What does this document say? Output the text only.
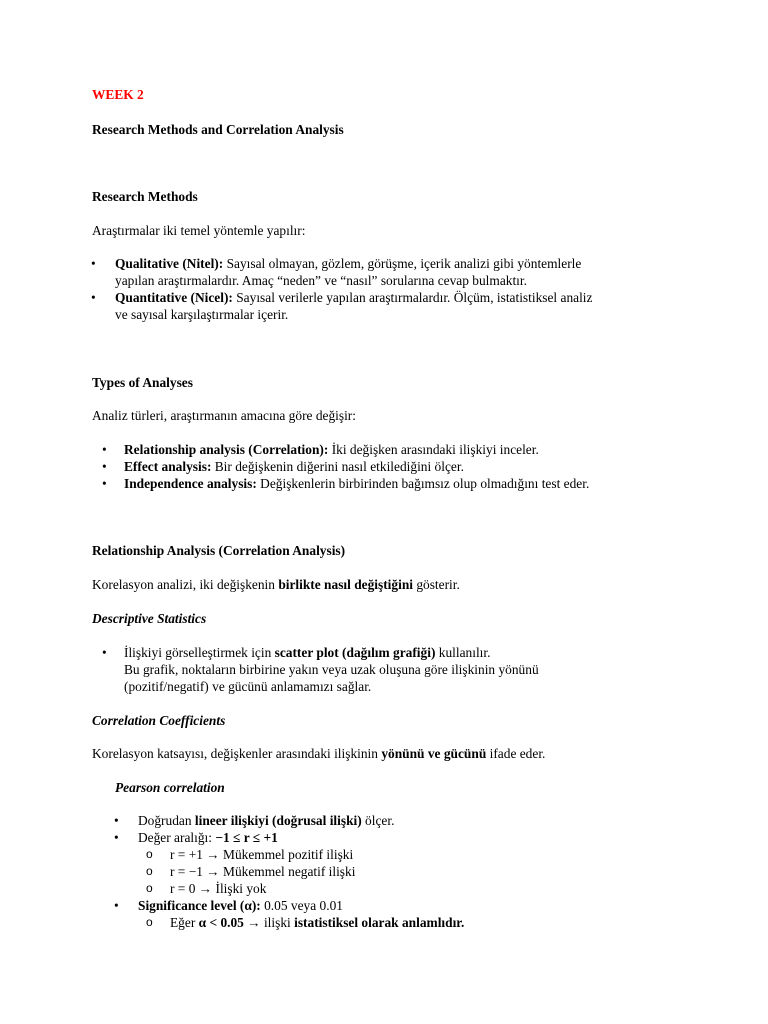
WEEK 2

Research Methods and Correlation Analysis

Research Methods

Araştırmalar iki temel yöntemle yapılır:

• Qualitative (Nitel): Sayısal olmayan, gözlem, görüşme, içerik analizi gibi yöntemlerle
yapılan araştırmalardır. Amaç “neden” ve “nasıl” sorularına cevap bulmaktır.
• Quantitative (Nicel): Sayısal verilerle yapılan araştırmalardır. Ölçüm, istatistiksel analiz
ve sayısal karşılaştırmalar içerir.

Types of Analyses

Analiz türleri, araştırmanın amacına göre değişir:

• Relationship analysis (Correlation): İki değişken arasındaki ilişkiyi inceler.
• Effect analysis: Bir değişkenin diğerini nasıl etkilediğini ölçer.
• Independence analysis: Değişkenlerin birbirinden bağımsız olup olmadığını test eder.

Relationship Analysis (Correlation Analysis)

Korelasyon analizi, iki değişkenin birlikte nasıl değiştiğini gösterir.

Descriptive Statistics

• İlişkiyi görselleştirmek için scatter plot (dağılım grafiği) kullanılır.
Bu grafik, noktaların birbirine yakın veya uzak oluşuna göre ilişkinin yönünü
(pozitif/negatif) ve gücünü anlamamızı sağlar.

Correlation Coefficients

Korelasyon katsayısı, değişkenler arasındaki ilişkinin yönünü ve gücünü ifade eder.

Pearson correlation

• Doğrudan lineer ilişkiyi (doğrusal ilişki) ölçer.
• Değer aralığı: −1 ≤ r ≤ +1
o r = +1 → Mükemmel pozitif ilişki
o r = −1 → Mükemmel negatif ilişki
o r = 0 → İlişki yok
• Significance level (α): 0.05 veya 0.01
o Eğer α < 0.05 → ilişki istatistiksel olarak anlamlıdır.
